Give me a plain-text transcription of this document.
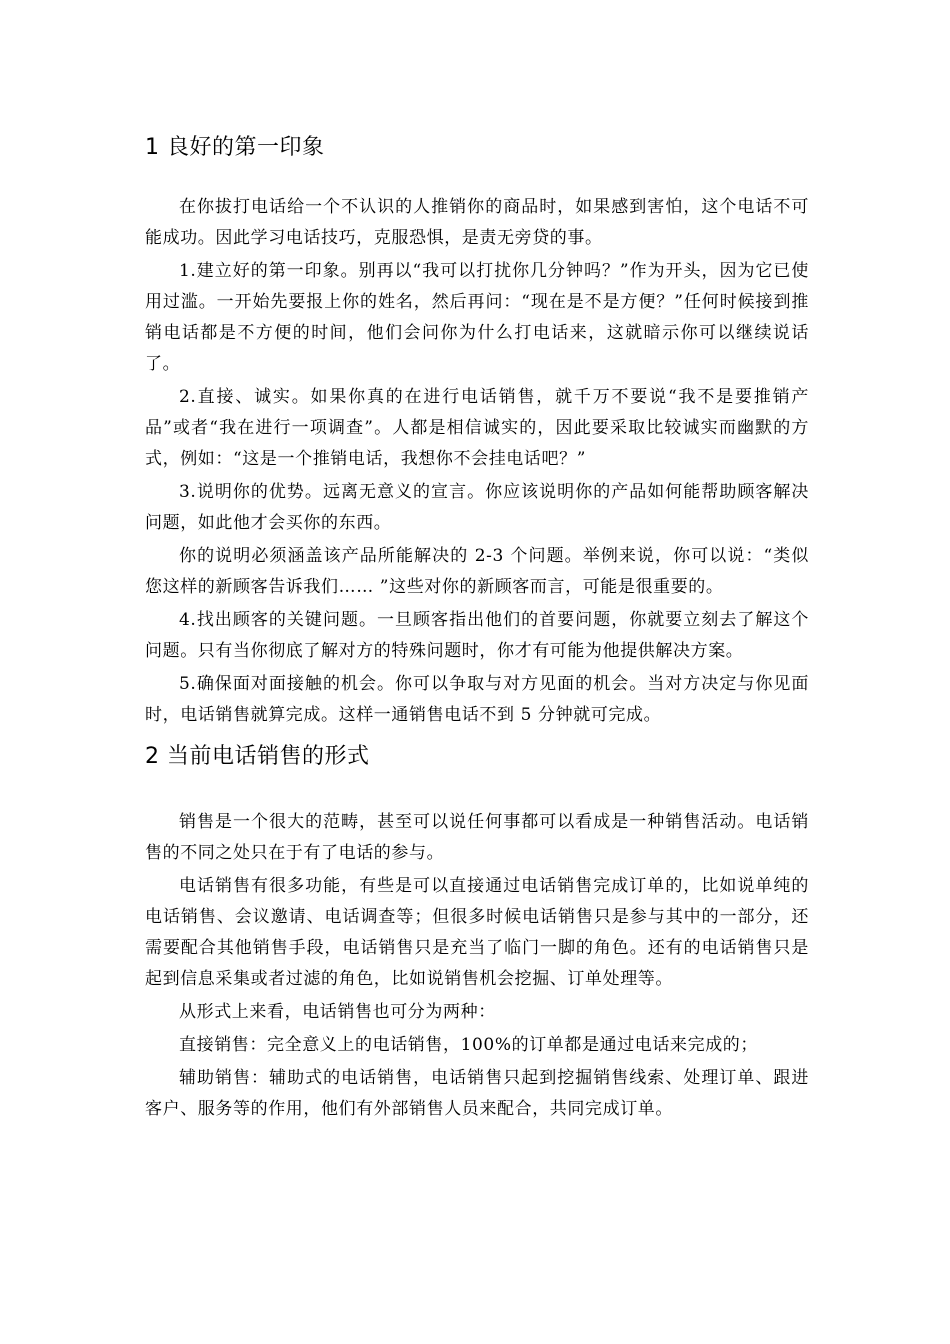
1 良好的第一印象

在你拔打电话给一个不认识的人推销你的商品时，如果感到害怕，这个电话不可能成功。因此学习电话技巧，克服恐惧，是责无旁贷的事。

1.建立好的第一印象。别再以“我可以打扰你几分钟吗？”作为开头，因为它已使用过滥。一开始先要报上你的姓名，然后再问：“现在是不是方便？”任何时候接到推销电话都是不方便的时间，他们会问你为什么打电话来，这就暗示你可以继续说话了。

2.直接、诚实。如果你真的在进行电话销售，就千万不要说“我不是要推销产品”或者“我在进行一项调查”。人都是相信诚实的，因此要采取比较诚实而幽默的方式，例如：“这是一个推销电话，我想你不会挂电话吧？”

3.说明你的优势。远离无意义的宣言。你应该说明你的产品如何能帮助顾客解决问题，如此他才会买你的东西。

你的说明必须涵盖该产品所能解决的 2-3 个问题。举例来说，你可以说：“类似您这样的新顾客告诉我们…… ”这些对你的新顾客而言，可能是很重要的。

4.找出顾客的关键问题。一旦顾客指出他们的首要问题，你就要立刻去了解这个问题。只有当你彻底了解对方的特殊问题时，你才有可能为他提供解决方案。

5.确保面对面接触的机会。你可以争取与对方见面的机会。当对方决定与你见面时，电话销售就算完成。这样一通销售电话不到 5 分钟就可完成。

2 当前电话销售的形式

销售是一个很大的范畴，甚至可以说任何事都可以看成是一种销售活动。电话销售的不同之处只在于有了电话的参与。

电话销售有很多功能，有些是可以直接通过电话销售完成订单的，比如说单纯的电话销售、会议邀请、电话调查等；但很多时候电话销售只是参与其中的一部分，还需要配合其他销售手段，电话销售只是充当了临门一脚的角色。还有的电话销售只是起到信息采集或者过滤的角色，比如说销售机会挖掘、订单处理等。

从形式上来看，电话销售也可分为两种：

直接销售：完全意义上的电话销售，100%的订单都是通过电话来完成的；

辅助销售：辅助式的电话销售，电话销售只起到挖掘销售线索、处理订单、跟进客户、服务等的作用，他们有外部销售人员来配合，共同完成订单。
